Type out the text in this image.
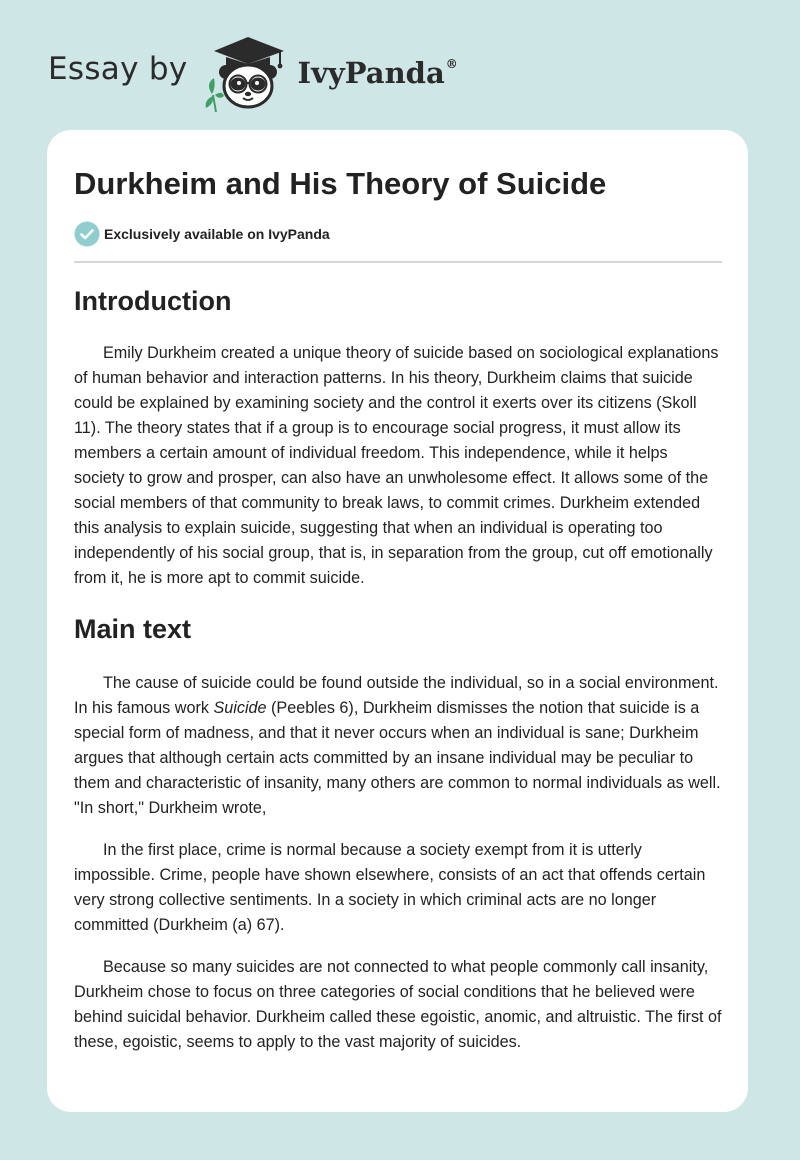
Essay by	IvyPanda®
Durkheim and His Theory of Suicide
Exclusively available on IvyPanda
Introduction

Emily Durkheim created a unique theory of suicide based on sociological explanations of human behavior and interaction patterns. In his theory, Durkheim claims that suicide could be explained by examining society and the control it exerts over its citizens (Skoll 11). The theory states that if a group is to encourage social progress, it must allow its members a certain amount of individual freedom. This independence, while it helps society to grow and prosper, can also have an unwholesome effect. It allows some of the social members of that community to break laws, to commit crimes. Durkheim extended this analysis to explain suicide, suggesting that when an individual is operating too independently of his social group, that is, in separation from the group, cut off emotionally from it, he is more apt to commit suicide.

Main text

The cause of suicide could be found outside the individual, so in a social environment. In his famous work Suicide (Peebles 6), Durkheim dismisses the notion that suicide is a special form of madness, and that it never occurs when an individual is sane; Durkheim argues that although certain acts committed by an insane individual may be peculiar to them and characteristic of insanity, many others are common to normal individuals as well. "In short," Durkheim wrote,

In the first place, crime is normal because a society exempt from it is utterly impossible. Crime, people have shown elsewhere, consists of an act that offends certain very strong collective sentiments. In a society in which criminal acts are no longer committed (Durkheim (a) 67).

Because so many suicides are not connected to what people commonly call insanity, Durkheim chose to focus on three categories of social conditions that he believed were behind suicidal behavior. Durkheim called these egoistic, anomic, and altruistic. The first of these, egoistic, seems to apply to the vast majority of suicides.
